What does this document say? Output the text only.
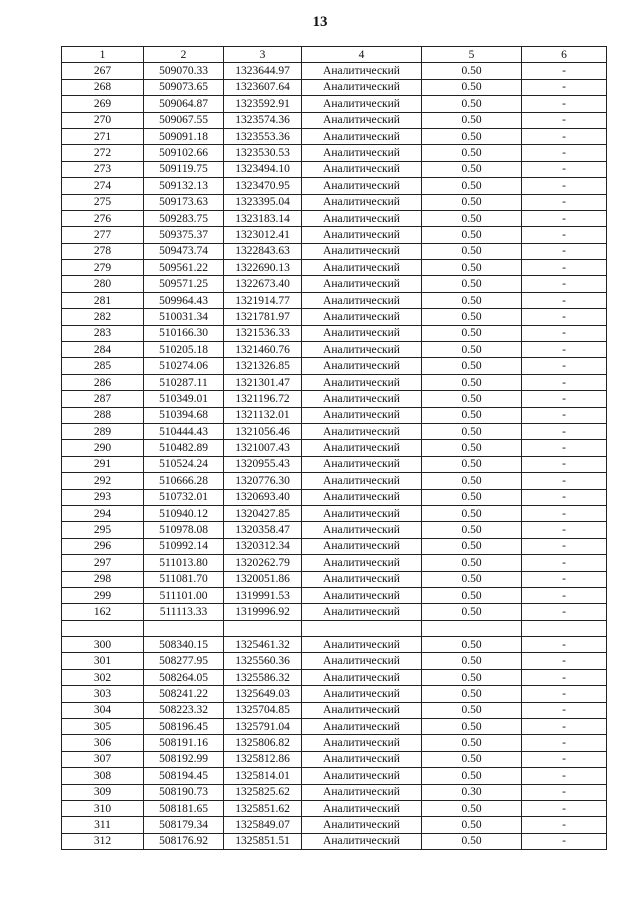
13
1	2	3	4	5	6
267	509070.33	1323644.97	Аналитический	0.50	-
268	509073.65	1323607.64	Аналитический	0.50	-
269	509064.87	1323592.91	Аналитический	0.50	-
270	509067.55	1323574.36	Аналитический	0.50	-
271	509091.18	1323553.36	Аналитический	0.50	-
272	509102.66	1323530.53	Аналитический	0.50	-
273	509119.75	1323494.10	Аналитический	0.50	-
274	509132.13	1323470.95	Аналитический	0.50	-
275	509173.63	1323395.04	Аналитический	0.50	-
276	509283.75	1323183.14	Аналитический	0.50	-
277	509375.37	1323012.41	Аналитический	0.50	-
278	509473.74	1322843.63	Аналитический	0.50	-
279	509561.22	1322690.13	Аналитический	0.50	-
280	509571.25	1322673.40	Аналитический	0.50	-
281	509964.43	1321914.77	Аналитический	0.50	-
282	510031.34	1321781.97	Аналитический	0.50	-
283	510166.30	1321536.33	Аналитический	0.50	-
284	510205.18	1321460.76	Аналитический	0.50	-
285	510274.06	1321326.85	Аналитический	0.50	-
286	510287.11	1321301.47	Аналитический	0.50	-
287	510349.01	1321196.72	Аналитический	0.50	-
288	510394.68	1321132.01	Аналитический	0.50	-
289	510444.43	1321056.46	Аналитический	0.50	-
290	510482.89	1321007.43	Аналитический	0.50	-
291	510524.24	1320955.43	Аналитический	0.50	-
292	510666.28	1320776.30	Аналитический	0.50	-
293	510732.01	1320693.40	Аналитический	0.50	-
294	510940.12	1320427.85	Аналитический	0.50	-
295	510978.08	1320358.47	Аналитический	0.50	-
296	510992.14	1320312.34	Аналитический	0.50	-
297	511013.80	1320262.79	Аналитический	0.50	-
298	511081.70	1320051.86	Аналитический	0.50	-
299	511101.00	1319991.53	Аналитический	0.50	-
162	511113.33	1319996.92	Аналитический	0.50	-

300	508340.15	1325461.32	Аналитический	0.50	-
301	508277.95	1325560.36	Аналитический	0.50	-
302	508264.05	1325586.32	Аналитический	0.50	-
303	508241.22	1325649.03	Аналитический	0.50	-
304	508223.32	1325704.85	Аналитический	0.50	-
305	508196.45	1325791.04	Аналитический	0.50	-
306	508191.16	1325806.82	Аналитический	0.50	-
307	508192.99	1325812.86	Аналитический	0.50	-
308	508194.45	1325814.01	Аналитический	0.50	-
309	508190.73	1325825.62	Аналитический	0.30	-
310	508181.65	1325851.62	Аналитический	0.50	-
311	508179.34	1325849.07	Аналитический	0.50	-
312	508176.92	1325851.51	Аналитический	0.50	-
